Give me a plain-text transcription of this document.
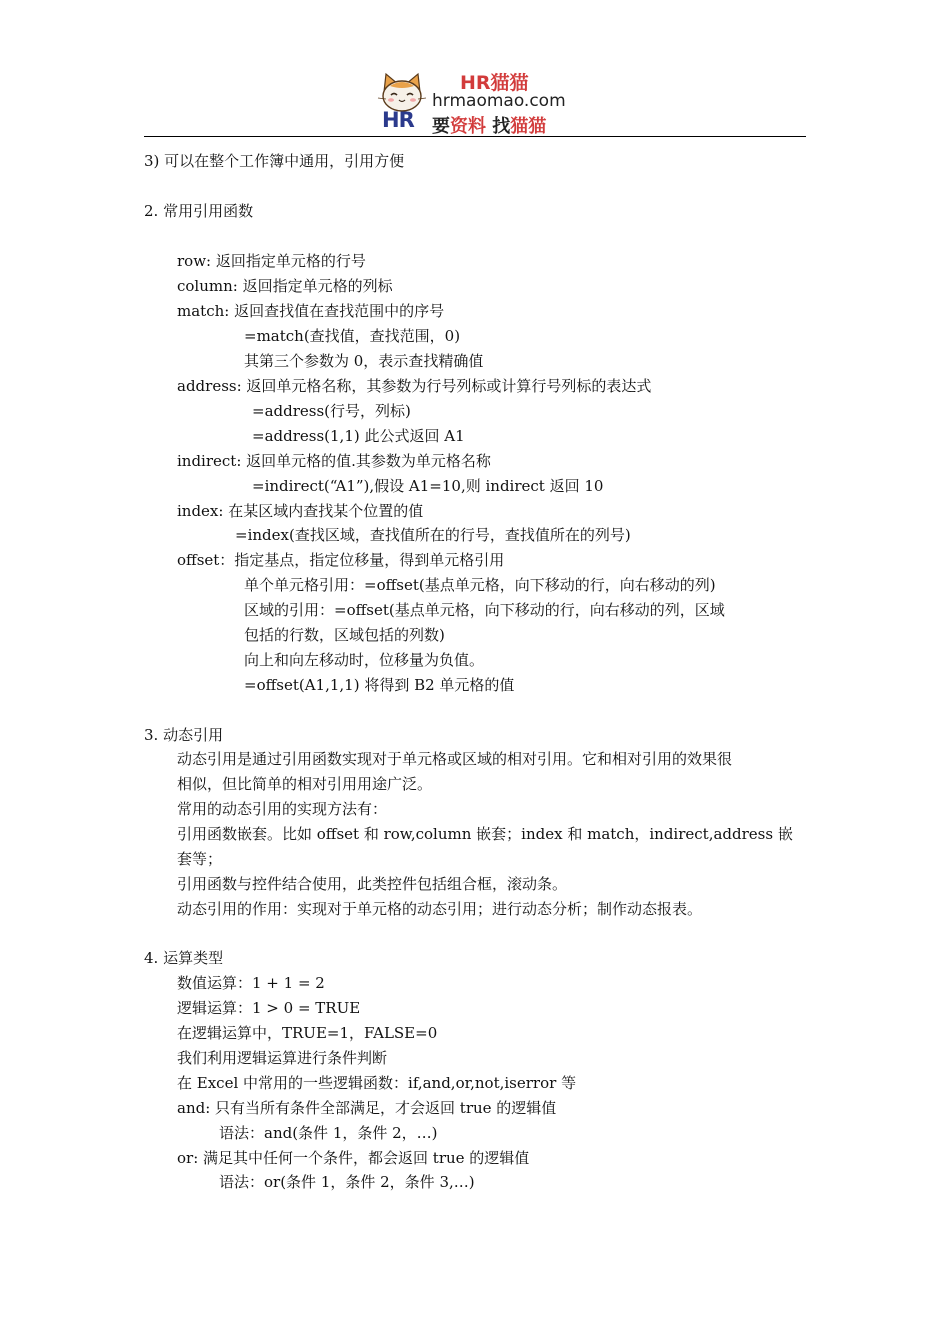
HR
HR猫猫
hrmaomao.com
要资料 找猫猫
3) 可以在整个工作簿中通用，引用方便
2. 常用引用函数
row: 返回指定单元格的行号
column: 返回指定单元格的列标
match: 返回查找值在查找范围中的序号
=match(查找值，查找范围，0)
其第三个参数为 0，表示查找精确值
address: 返回单元格名称，其参数为行号列标或计算行号列标的表达式
=address(行号，列标)
=address(1,1) 此公式返回 A1
indirect: 返回单元格的值.其参数为单元格名称
=indirect(“A1”),假设 A1=10,则 indirect 返回 10
index: 在某区域内查找某个位置的值
=index(查找区域，查找值所在的行号，查找值所在的列号)
offset：指定基点，指定位移量，得到单元格引用
单个单元格引用：=offset(基点单元格，向下移动的行，向右移动的列)
区域的引用：=offset(基点单元格，向下移动的行，向右移动的列，区域
包括的行数，区域包括的列数)
向上和向左移动时，位移量为负值。
=offset(A1,1,1) 将得到 B2 单元格的值
3. 动态引用
动态引用是通过引用函数实现对于单元格或区域的相对引用。它和相对引用的效果很
相似，但比简单的相对引用用途广泛。
常用的动态引用的实现方法有：
引用函数嵌套。比如 offset 和 row,column 嵌套；index 和 match，indirect,address 嵌
套等；
引用函数与控件结合使用，此类控件包括组合框，滚动条。
动态引用的作用：实现对于单元格的动态引用；进行动态分析；制作动态报表。
4. 运算类型
数值运算：1 + 1 = 2
逻辑运算：1 > 0 = TRUE
在逻辑运算中，TRUE=1，FALSE=0
我们利用逻辑运算进行条件判断
在 Excel 中常用的一些逻辑函数：if,and,or,not,iserror 等
and: 只有当所有条件全部满足，才会返回 true 的逻辑值
语法：and(条件 1，条件 2，…)
or: 满足其中任何一个条件，都会返回 true 的逻辑值
语法：or(条件 1，条件 2，条件 3,…)
